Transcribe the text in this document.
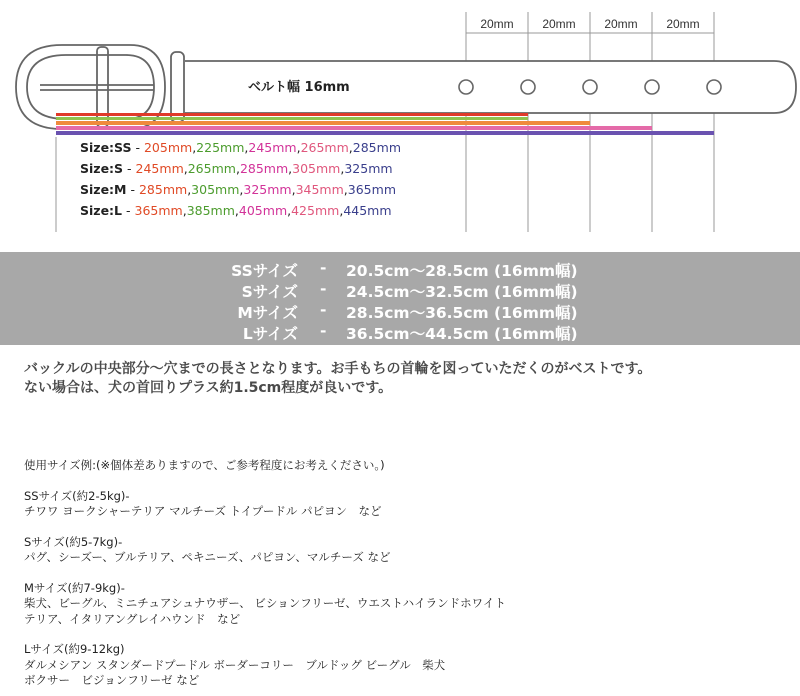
20mm 20mm 20mm 20mm
ベルト幅 16mm
Size:SS - 205mm,225mm,245mm,265mm,285mm
Size:S - 245mm,265mm,285mm,305mm,325mm
Size:M - 285mm,305mm,325mm,345mm,365mm
Size:L - 365mm,385mm,405mm,425mm,445mm
SSサイズ - 20.5cm～28.5cm (16mm幅)
Sサイズ - 24.5cm～32.5cm (16mm幅)
Mサイズ - 28.5cm～36.5cm (16mm幅)
Lサイズ - 36.5cm～44.5cm (16mm幅)
バックルの中央部分～穴までの長さとなります。お手もちの首輪を図っていただくのがベストです。
ない場合は、犬の首回りプラス約1.5cm程度が良いです。
使用サイズ例:(※個体差ありますので、ご参考程度にお考えください。)
SSサイズ(約2-5kg)-
チワワ ヨークシャーテリア マルチーズ トイプードル パピヨン　など
Sサイズ(約5-7kg)-
パグ、シーズー、ブルテリア、ペキニーズ、パピヨン、マルチーズ など
Mサイズ(約7-9kg)-
柴犬、ビーグル、ミニチュアシュナウザー、 ビションフリーゼ、ウエストハイランドホワイト
テリア、イタリアングレイハウンド　など
Lサイズ(約9-12kg)
ダルメシアン スタンダードプードル ボーダーコリー　ブルドッグ ビーグル　柴犬
ボクサー　ビジョンフリーゼ など
